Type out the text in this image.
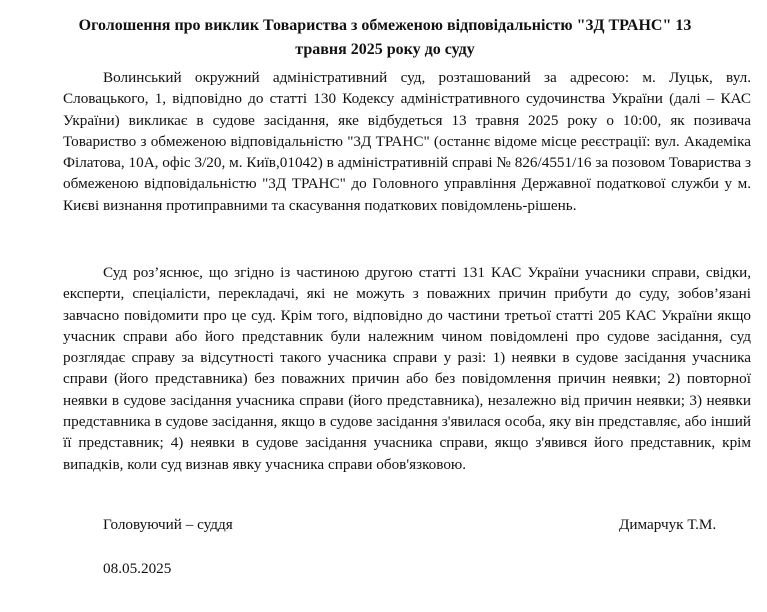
Оголошення про виклик Товариства з обмеженою відповідальністю "3Д ТРАНС" 13 травня 2025 року до суду

Волинський окружний адміністративний суд, розташований за адресою: м. Луцьк, вул. Словацького, 1, відповідно до статті 130 Кодексу адміністративного судочинства України (далі – КАС України) викликає в судове засідання, яке відбудеться 13 травня 2025 року о 10:00, як позивача Товариство з обмеженою відповідальністю "3Д ТРАНС" (останнє відоме місце реєстрації: вул. Академіка Філатова, 10А, офіс 3/20, м. Київ,01042) в адміністративній справі № 826/4551/16 за позовом Товариства з обмеженою відповідальністю "3Д ТРАНС" до Головного управління Державної податкової служби у м. Києві визнання протиправними та скасування податкових повідомлень-рішень.

Суд роз’яснює, що згідно із частиною другою статті 131 КАС України учасники справи, свідки, експерти, спеціалісти, перекладачі, які не можуть з поважних причин прибути до суду, зобов’язані завчасно повідомити про це суд. Крім того, відповідно до частини третьої статті 205 КАС України якщо учасник справи або його представник були належним чином повідомлені про судове засідання, суд розглядає справу за відсутності такого учасника справи у разі: 1) неявки в судове засідання учасника справи (його представника) без поважних причин або без повідомлення причин неявки; 2) повторної неявки в судове засідання учасника справи (його представника), незалежно від причин неявки; 3) неявки представника в судове засідання, якщо в судове засідання з'явилася особа, яку він представляє, або інший її представник; 4) неявки в судове засідання учасника справи, якщо з'явився його представник, крім випадків, коли суд визнав явку учасника справи обов'язковою.

Головуючий – суддя	Димарчук Т.М.
08.05.2025
